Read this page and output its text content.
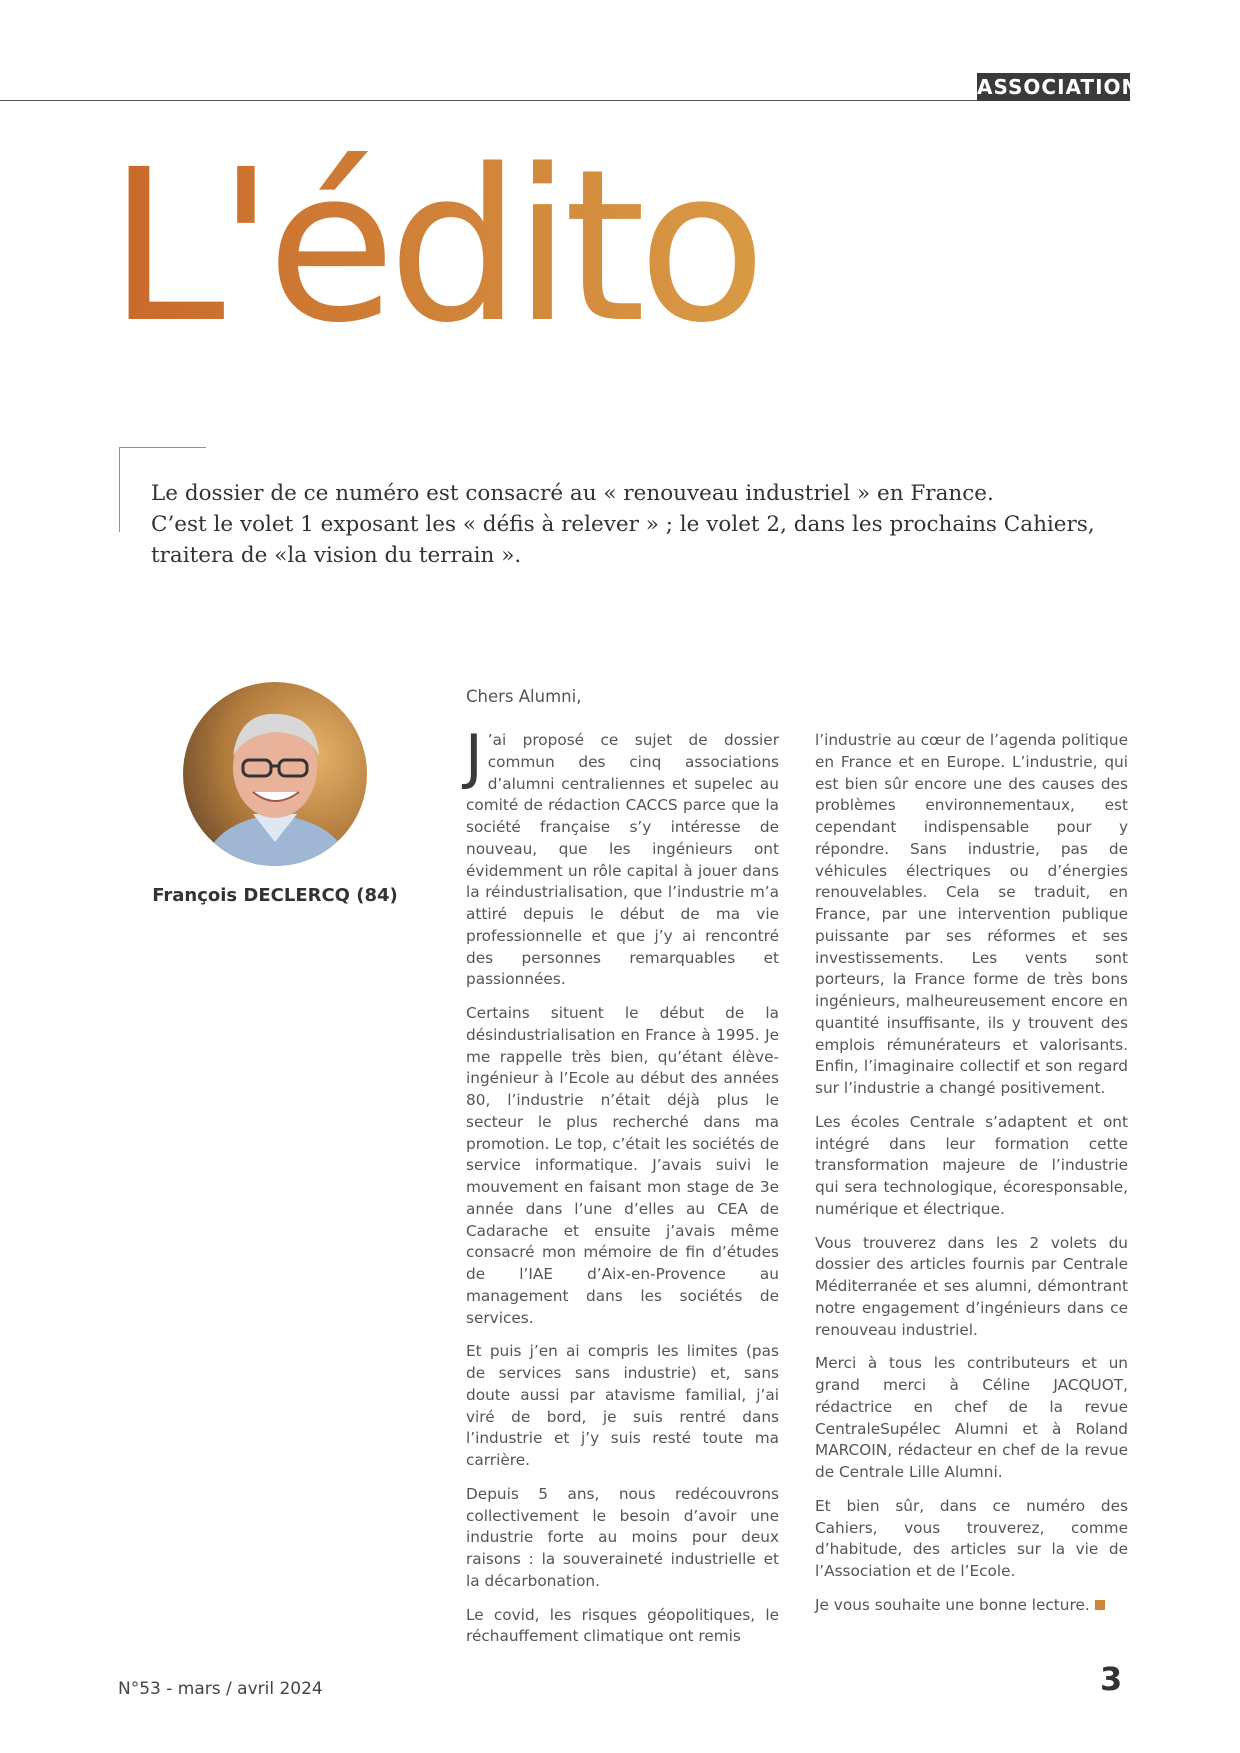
ASSOCIATION
L'édito

Le dossier de ce numéro est consacré au « renouveau industriel » en France.
C’est le volet 1 exposant les « défis à relever » ; le volet 2, dans les prochains Cahiers,
traitera de «la vision du terrain ».

François DECLERCQ (84)
Chers Alumni,

J ’ai proposé ce sujet de dossier commun des cinq associations d’alumni centraliennes et supelec au comité de rédaction CACCS parce que la société française s’y intéresse de nouveau, que les ingénieurs ont évidemment un rôle capital à jouer dans la réindustrialisation, que l’industrie m’a attiré depuis le début de ma vie professionnelle et que j’y ai rencontré des personnes remarquables et passionnées.

Certains situent le début de la désindustrialisation en France à 1995. Je me rappelle très bien, qu’étant élève-ingénieur à l’Ecole au début des années 80, l’industrie n’était déjà plus le secteur le plus recherché dans ma promotion. Le top, c’était les sociétés de service informatique. J’avais suivi le mouvement en faisant mon stage de 3e année dans l’une d’elles au CEA de Cadarache et ensuite j’avais même consacré mon mémoire de fin d’études de l’IAE d’Aix-en-Provence au management dans les sociétés de services.

Et puis j’en ai compris les limites (pas de services sans industrie) et, sans doute aussi par atavisme familial, j’ai viré de bord, je suis rentré dans l’industrie et j’y suis resté toute ma carrière.

Depuis 5 ans, nous redécouvrons collectivement le besoin d’avoir une industrie forte au moins pour deux raisons : la souveraineté industrielle et la décarbonation.

Le covid, les risques géopolitiques, le réchauffement climatique ont remis

l’industrie au cœur de l’agenda politique en France et en Europe. L’industrie, qui est bien sûr encore une des causes des problèmes environnementaux, est cependant indispensable pour y répondre. Sans industrie, pas de véhicules électriques ou d’énergies renouvelables. Cela se traduit, en France, par une intervention publique puissante par ses réformes et ses investissements. Les vents sont porteurs, la France forme de très bons ingénieurs, malheureusement encore en quantité insuffisante, ils y trouvent des emplois rémunérateurs et valorisants. Enfin, l’imaginaire collectif et son regard sur l’industrie a changé positivement.

Les écoles Centrale s’adaptent et ont intégré dans leur formation cette transformation majeure de l’industrie qui sera technologique, écoresponsable, numérique et électrique.

Vous trouverez dans les 2 volets du dossier des articles fournis par Centrale Méditerranée et ses alumni, démontrant notre engagement d’ingénieurs dans ce renouveau industriel.

Merci à tous les contributeurs et un grand merci à Céline JACQUOT, rédactrice en chef de la revue CentraleSupélec Alumni et à Roland MARCOIN, rédacteur en chef de la revue de Centrale Lille Alumni.

Et bien sûr, dans ce numéro des Cahiers, vous trouverez, comme d’habitude, des articles sur la vie de l’Association et de l’Ecole.

Je vous souhaite une bonne lecture.

N°53 - mars / avril 2024	3
